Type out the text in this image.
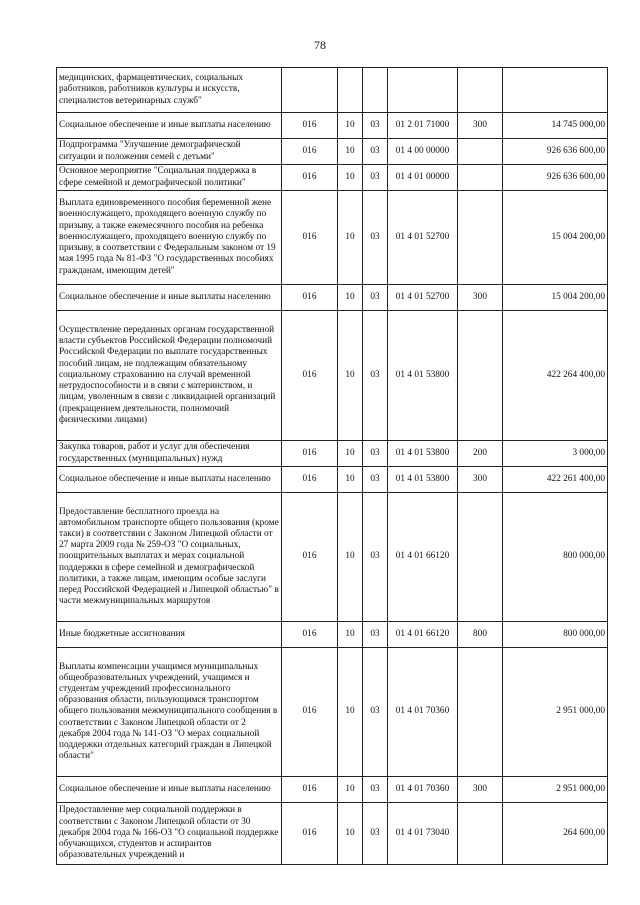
78
медицинских, фармацевтических, социальных работников, работников культуры и искусств, специалистов ветеринарных служб"						
Социальное обеспечение и иные выплаты населению	016	10	03	01 2 01 71000	300	14 745 000,00
Подпрограмма "Улучшение демографической ситуации и положения семей с детьми"	016	10	03	01 4 00 00000		926 636 600,00
Основное мероприятие "Социальная поддержка в сфере семейной и демографической политики"	016	10	03	01 4 01 00000		926 636 600,00
Выплата единовременного пособия беременной жене военнослужащего, проходящего военную службу по призыву, а также ежемесячного пособия на ребенка военнослужащего, проходящего военную службу по призыву, в соответствии с Федеральным законом от 19 мая 1995 года № 81-ФЗ "О государственных пособиях гражданам, имеющим детей"	016	10	03	01 4 01 52700		15 004 200,00
Социальное обеспечение и иные выплаты населению	016	10	03	01 4 01 52700	300	15 004 200,00
Осуществление переданных органам государственной власти субъектов Российской Федерации полномочий Российской Федерации по выплате государственных пособий лицам, не подлежащим обязательному социальному страхованию на случай временной нетрудоспособности и в связи с материнством, и лицам, уволенным в связи с ликвидацией организаций (прекращением деятельности, полномочий физическими лицами)	016	10	03	01 4 01 53800		422 264 400,00
Закупка товаров, работ и услуг для обеспечения государственных (муниципальных) нужд	016	10	03	01 4 01 53800	200	3 000,00
Социальное обеспечение и иные выплаты населению	016	10	03	01 4 01 53800	300	422 261 400,00
Предоставление бесплатного проезда на автомобильном транспорте общего пользования (кроме такси) в соответствии с Законом Липецкой области от 27 марта 2009 года № 259-ОЗ "О социальных, поощрительных выплатах и мерах социальной поддержки в сфере семейной и демографической политики, а также лицам, имеющим особые заслуги перед Российской Федерацией и Липецкой областью" в части межмуниципальных маршрутов	016	10	03	01 4 01 66120		800 000,00
Иные бюджетные ассигнования	016	10	03	01 4 01 66120	800	800 000,00
Выплаты компенсации учащимся муниципальных общеобразовательных учреждений, учащимся и студентам учреждений профессионального образования области, пользующимся транспортом общего пользования межмуниципального сообщения в соответствии с Законом Липецкой области от 2 декабря 2004 года № 141-ОЗ "О мерах социальной поддержки отдельных категорий граждан в Липецкой области"	016	10	03	01 4 01 70360		2 951 000,00
Социальное обеспечение и иные выплаты населению	016	10	03	01 4 01 70360	300	2 951 000,00
Предоставление мер социальной поддержки в соответствии с Законом Липецкой области от 30 декабря 2004 года № 166-ОЗ "О социальной поддержке обучающихся, студентов и аспирантов образовательных учреждений и	016	10	03	01 4 01 73040		264 600,00
